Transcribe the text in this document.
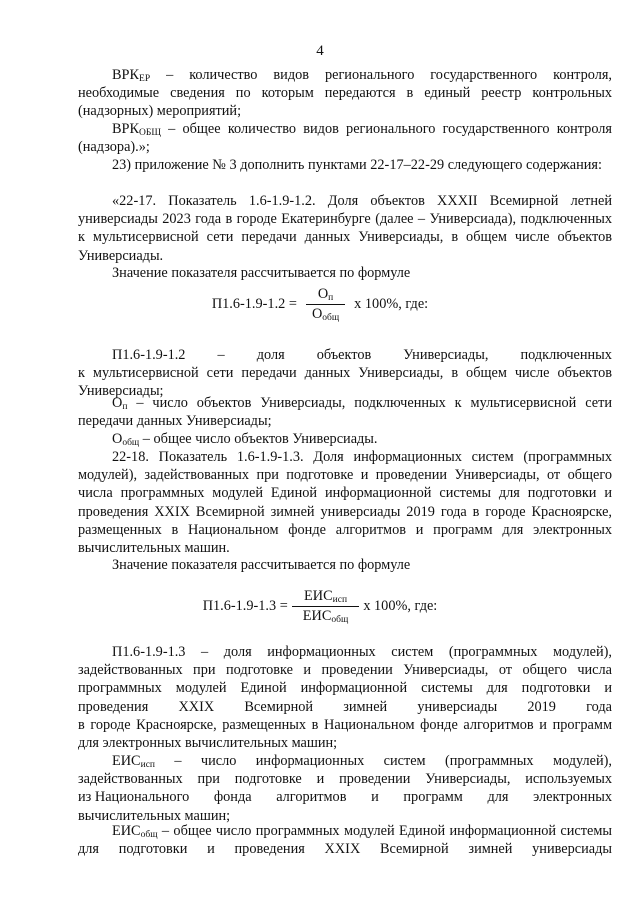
4
$ВРК_{ЕР}$ – количество видов регионального государственного контроля, необходимые сведения по которым передаются в единый реестр контрольных (надзорных) мероприятий;
$ВРК_{ОБЩ}$ – общее количество видов регионального государственного контроля (надзора).»;
23) приложение № 3 дополнить пунктами 22-17–22-29 следующего содержания:
«22-17. Показатель 1.6-1.9-1.2. Доля объектов XXXII Всемирной летней универсиады 2023 года в городе Екатеринбурге (далее – Универсиада), подключенных к мультисервисной сети передачи данных Универсиады, в общем числе объектов Универсиады.
Значение показателя рассчитывается по формуле
$П1.6-1.9-1.2 = \frac{О_п}{О_{общ}}$ x 100%, где:
П1.6-1.9-1.2 – доля объектов Универсиады, подключенных
к мультисервисной сети передачи данных Универсиады, в общем числе объектов Универсиады;
$О_п$ – число объектов Универсиады, подключенных к мультисервисной сети передачи данных Универсиады;
$О_{общ}$ – общее число объектов Универсиады.
22-18. Показатель 1.6-1.9-1.3. Доля информационных систем (программных модулей), задействованных при подготовке и проведении Универсиады, от общего числа программных модулей Единой информационной системы для подготовки и проведения XXIX Всемирной зимней универсиады 2019 года в городе Красноярске, размещенных в Национальном фонде алгоритмов и программ для электронных вычислительных машин.
Значение показателя рассчитывается по формуле
$П1.6-1.9-1.3 = \frac{ЕИС_{исп}}{ЕИС_{общ}}$ x 100%, где:
П1.6-1.9-1.3 – доля информационных систем (программных модулей), задействованных при подготовке и проведении Универсиады, от общего числа программных модулей Единой информационной системы для подготовки и
проведения XXIX Всемирной зимней универсиады 2019 года
в городе Красноярске, размещенных в Национальном фонде алгоритмов и программ для электронных вычислительных машин;
$ЕИС_{исп}$ – число информационных систем (программных модулей), задействованных при подготовке и проведении Универсиады, используемых
из Национального фонда алгоритмов и программ для электронных
вычислительных машин;
$ЕИС_{общ}$ – общее число программных модулей Единой информационной системы для подготовки и проведения XXIX Всемирной зимней универсиады
